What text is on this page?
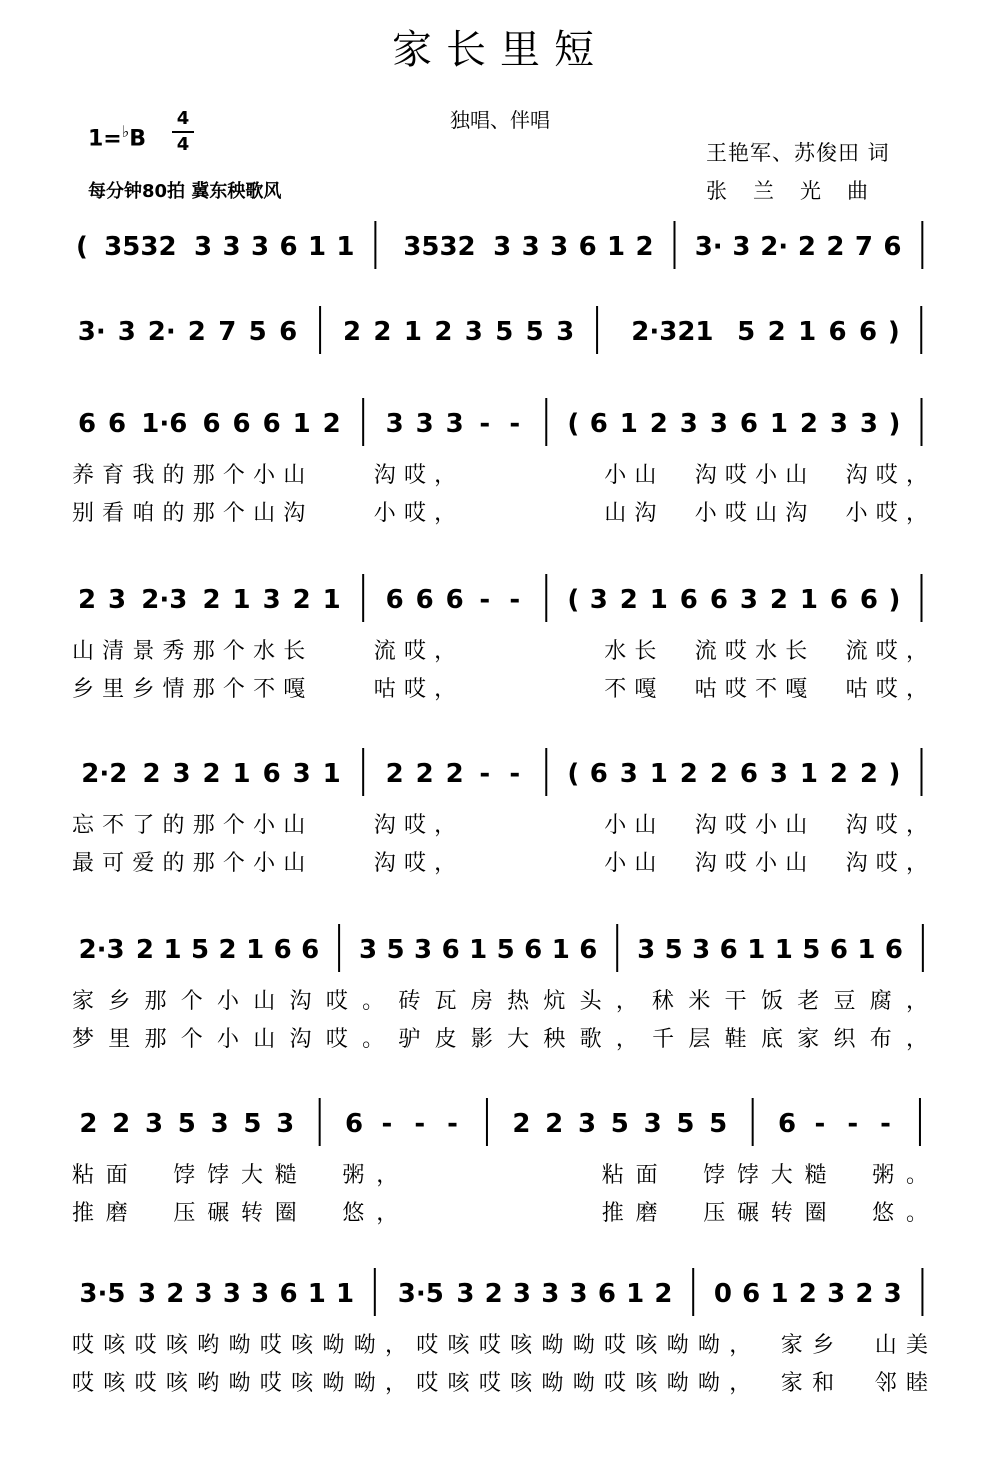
家长里短
独唱、伴唱
1=♭B
4
4
每分钟80拍 冀东秧歌风
王艳军、苏俊田 词
张兰光曲
( 3532 3 3 3 6 1 1 3532 3 3 3 6 1 2 3· 3 2· 2 2 7 6
3· 3 2· 2 7 5 6 2 2 1 2 3 5 5 3 2·321 5 2 1 6 6 )
6 6 1·6 6 6 6 1 2 3 3 3 - - ( 6 1 2 3 3 6 1 2 3 3 )
养育我的那个小山　　沟哎，　　　　　小山　沟哎小山　沟哎，
别看咱的那个山沟　　小哎，　　　　　山沟　小哎山沟　小哎，
2 3 2·3 2 1 3 2 1 6 6 6 - - ( 3 2 1 6 6 3 2 1 6 6 )
山清景秀那个水长　　流哎，　　　　　水长　流哎水长　流哎，
乡里乡情那个不嘎　　咕哎，　　　　　不嘎　咕哎不嘎　咕哎，
2·2 2 3 2 1 6 3 1 2 2 2 - - ( 6 3 1 2 2 6 3 1 2 2 )
忘不了的那个小山　　沟哎，　　　　　小山　沟哎小山　沟哎，
最可爱的那个小山　　沟哎，　　　　　小山　沟哎小山　沟哎，
2·3 2 1 5 2 1 6 6 3 5 3 6 1 5 6 1 6 3 5 3 6 1 1 5 6 1 6
家乡那个小山沟哎。砖瓦房热炕头，秫米干饭老豆腐，
梦里那个小山沟哎。驴皮影大秧歌，千层鞋底家织布，
2 2 3 5 3 5 3 6 - - - 2 2 3 5 3 5 5 6 - - -
粘面　饽饽大糙　粥，　　　　　　粘面　饽饽大糙　粥。
推磨　压碾转圈　悠，　　　　　　推磨　压碾转圈　悠。
3·5 3 2 3 3 3 6 1 1 3·5 3 2 3 3 3 6 1 2 0 6 1 2 3 2 3
哎咳哎咳哟呦哎咳呦呦，哎咳哎咳呦呦哎咳呦呦，　家乡　山美
哎咳哎咳哟呦哎咳呦呦，哎咳哎咳呦呦哎咳呦呦，　家和　邻睦
